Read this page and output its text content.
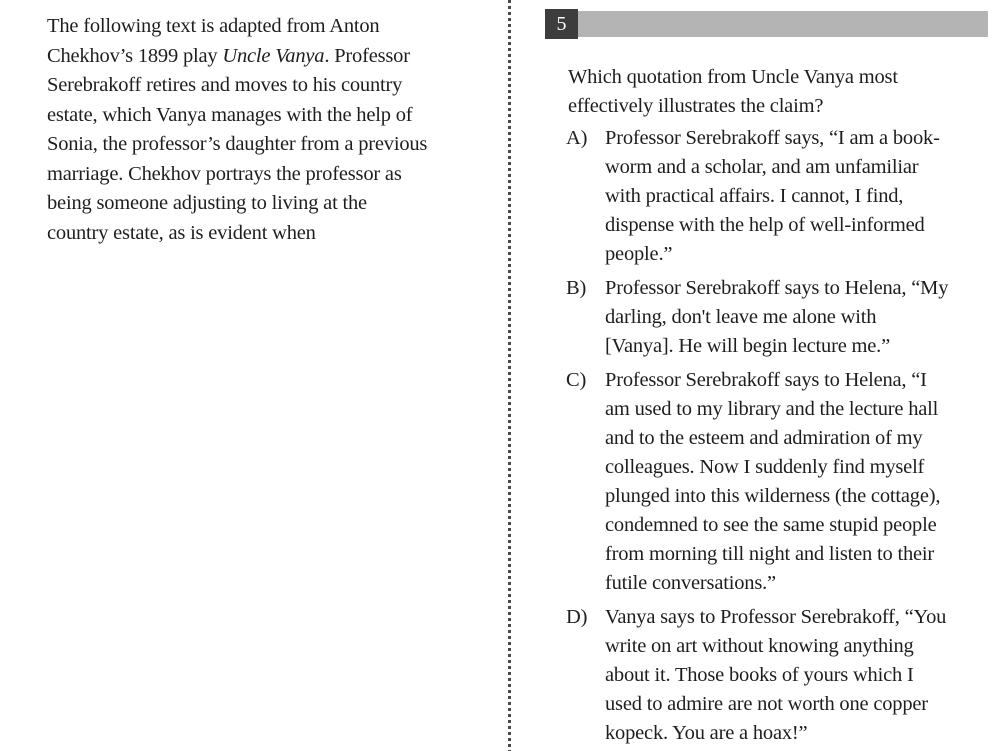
The following text is adapted from Anton
Chekhov’s 1899 play Uncle Vanya. Professor
Serebrakoff retires and moves to his country
estate, which Vanya manages with the help of
Sonia, the professor’s daughter from a previous
marriage. Chekhov portrays the professor as
being someone adjusting to living at the
country estate, as is evident when
5
Which quotation from Uncle Vanya most
effectively illustrates the claim?
A) Professor Serebrakoff says, “I am a book-
worm and a scholar, and am unfamiliar
with practical affairs. I cannot, I find,
dispense with the help of well-informed
people.”
B) Professor Serebrakoff says to Helena, “My
darling, don't leave me alone with
[Vanya]. He will begin lecture me.”
C) Professor Serebrakoff says to Helena, “I
am used to my library and the lecture hall
and to the esteem and admiration of my
colleagues. Now I suddenly find myself
plunged into this wilderness (the cottage),
condemned to see the same stupid people
from morning till night and listen to their
futile conversations.”
D) Vanya says to Professor Serebrakoff, “You
write on art without knowing anything
about it. Those books of yours which I
used to admire are not worth one copper
kopeck. You are a hoax!”
